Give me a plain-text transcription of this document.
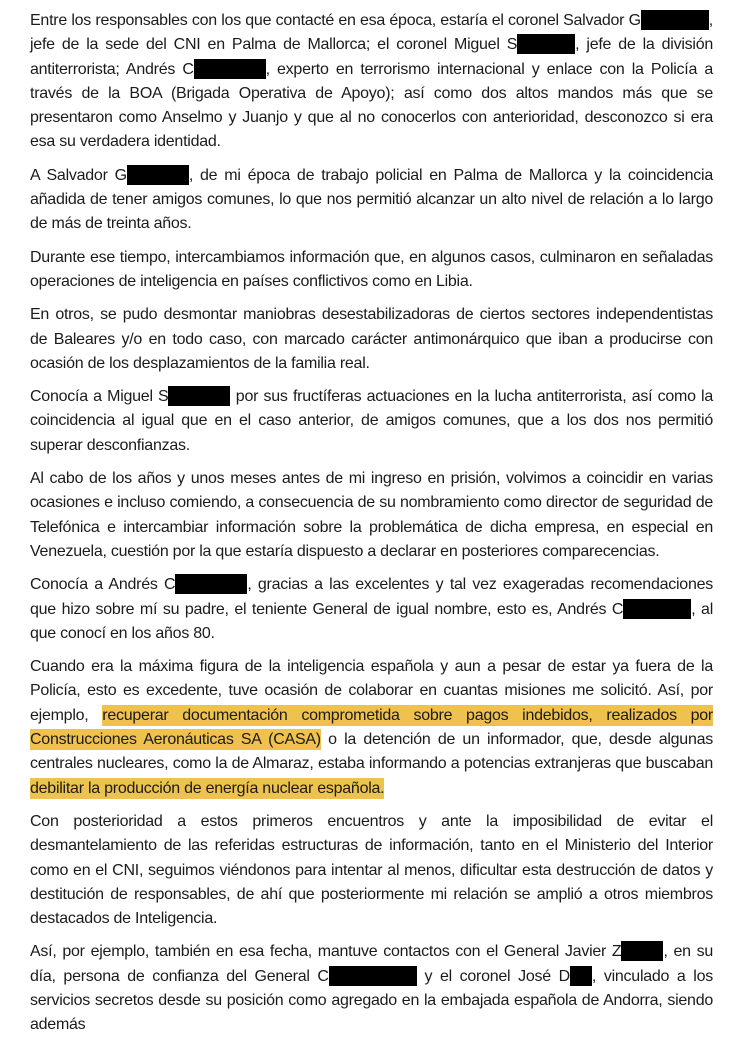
Entre los responsables con los que contacté en esa época, estaría el coronel Salvador G	, jefe de la sede del CNI en Palma de Mallorca; el coronel Miguel S	, jefe de la división antiterrorista; Andrés C	, experto en terrorismo internacional y enlace con la Policía a través de la BOA (Brigada Operativa de Apoyo); así como dos altos mandos más que se presentaron como Anselmo y Juanjo y que al no conocerlos con anterioridad, desconozco si era esa su verdadera identidad.

A Salvador G	, de mi época de trabajo policial en Palma de Mallorca y la coincidencia añadida de tener amigos comunes, lo que nos permitió alcanzar un alto nivel de relación a lo largo de más de treinta años.

Durante ese tiempo, intercambiamos información que, en algunos casos, culminaron en señaladas operaciones de inteligencia en países conflictivos como en Libia.

En otros, se pudo desmontar maniobras desestabilizadoras de ciertos sectores independentistas de Baleares y/o en todo caso, con marcado carácter antimonárquico que iban a producirse con ocasión de los desplazamientos de la familia real.

Conocía a Miguel S	por sus fructíferas actuaciones en la lucha antiterrorista, así como la coincidencia al igual que en el caso anterior, de amigos comunes, que a los dos nos permitió superar desconfianzas.

Al cabo de los años y unos meses antes de mi ingreso en prisión, volvimos a coincidir en varias ocasiones e incluso comiendo, a consecuencia de su nombramiento como director de seguridad de Telefónica e intercambiar información sobre la problemática de dicha empresa, en especial en Venezuela, cuestión por la que estaría dispuesto a declarar en posteriores comparecencias.

Conocía a Andrés C	, gracias a las excelentes y tal vez exageradas recomendaciones que hizo sobre mí su padre, el teniente General de igual nombre, esto es, Andrés C	, al que conocí en los años 80.

Cuando era la máxima figura de la inteligencia española y aun a pesar de estar ya fuera de la Policía, esto es excedente, tuve ocasión de colaborar en cuantas misiones me solicitó. Así, por ejemplo, recuperar documentación comprometida sobre pagos indebidos, realizados por Construcciones Aeronáuticas SA (CASA) o la detención de un informador, que, desde algunas centrales nucleares, como la de Almaraz, estaba informando a potencias extranjeras que buscaban debilitar la producción de energía nuclear española.

Con posterioridad a estos primeros encuentros y ante la imposibilidad de evitar el desmantelamiento de las referidas estructuras de información, tanto en el Ministerio del Interior como en el CNI, seguimos viéndonos para intentar al menos, dificultar esta destrucción de datos y destitución de responsables, de ahí que posteriormente mi relación se amplió a otros miembros destacados de Inteligencia.

Así, por ejemplo, también en esa fecha, mantuve contactos con el General Javier Z	, en su día, persona de confianza del General C	y el coronel José D , vinculado a los servicios secretos desde su posición como agregado en la embajada española de Andorra, siendo además
